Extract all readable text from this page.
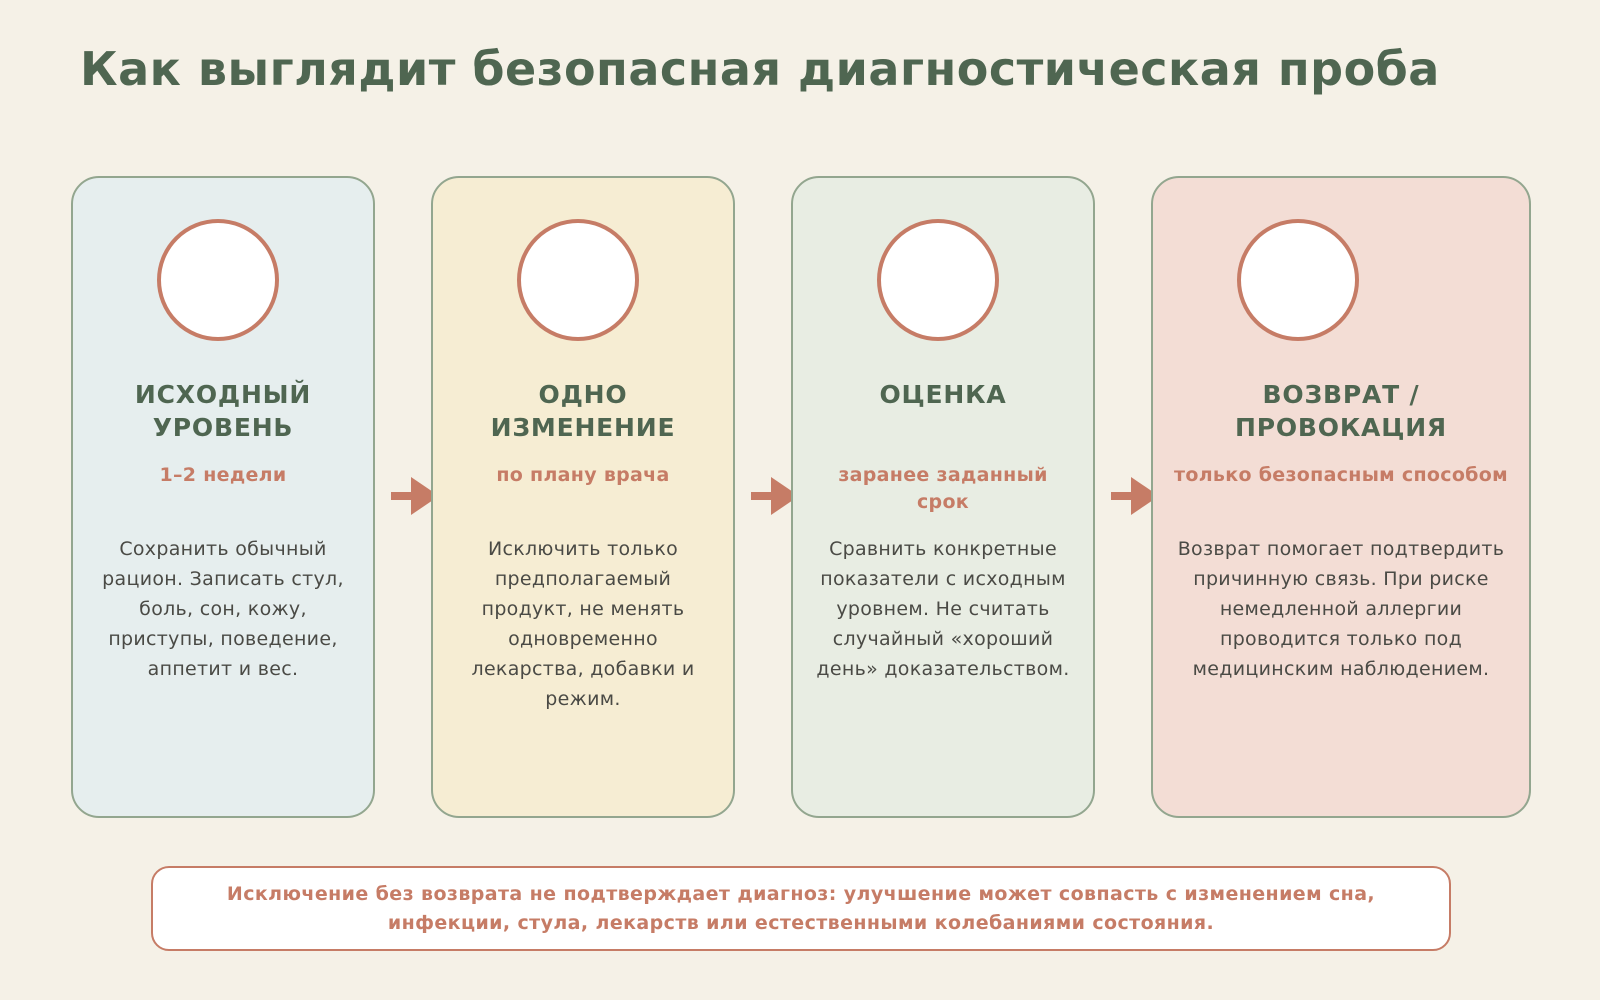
Как выглядит безопасная диагностическая проба
ИСХОДНЫЙ УРОВЕНЬ
1–2 недели
Сохранить обычный рацион. Записать стул, боль, сон, кожу, приступы, поведение, аппетит и вес.
ОДНО ИЗМЕНЕНИЕ
по плану врача
Исключить только предполагаемый продукт, не менять одновременно лекарства, добавки и режим.
ОЦЕНКА
заранее заданный срок
Сравнить конкретные показатели с исходным уровнем. Не считать случайный «хороший день» доказательством.
ВОЗВРАТ / ПРОВОКАЦИЯ
только безопасным способом
Возврат помогает подтвердить причинную связь. При риске немедленной аллергии проводится только под медицинским наблюдением.
Исключение без возврата не подтверждает диагноз: улучшение может совпасть с изменением сна, инфекции, стула, лекарств или естественными колебаниями состояния.
